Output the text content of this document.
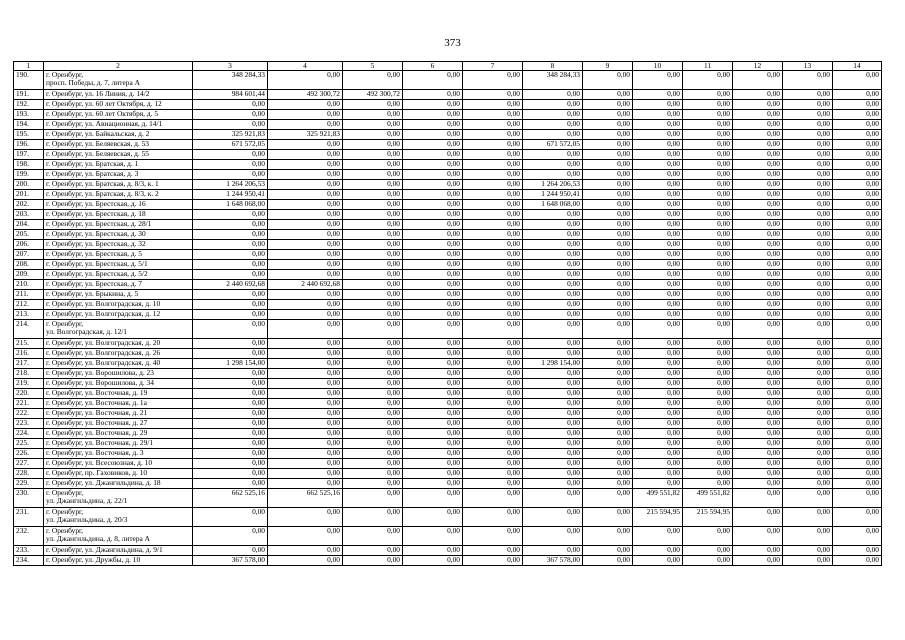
373
1	2	3	4	5	6	7	8	9	10	11	12	13	14
190.	г. Оренбург,
просп. Победы, д. 7, литера А	348 284,33	0,00	0,00	0,00	0,00	348 284,33	0,00	0,00	0,00	0,00	0,00	0,00
191.	г. Оренбург, ул. 16 Линия, д. 14/2	984 601,44	492 300,72	492 300,72	0,00	0,00	0,00	0,00	0,00	0,00	0,00	0,00	0,00
192.	г. Оренбург, ул. 60 лет Октября, д. 12	0,00	0,00	0,00	0,00	0,00	0,00	0,00	0,00	0,00	0,00	0,00	0,00
193.	г. Оренбург, ул. 60 лет Октября, д. 5	0,00	0,00	0,00	0,00	0,00	0,00	0,00	0,00	0,00	0,00	0,00	0,00
194.	г. Оренбург, ул. Авиационная, д. 14/1	0,00	0,00	0,00	0,00	0,00	0,00	0,00	0,00	0,00	0,00	0,00	0,00
195.	г. Оренбург, ул. Байкальская, д. 2	325 921,83	325 921,83	0,00	0,00	0,00	0,00	0,00	0,00	0,00	0,00	0,00	0,00
196.	г. Оренбург, ул. Беляевская, д. 53	671 572,05	0,00	0,00	0,00	0,00	671 572,05	0,00	0,00	0,00	0,00	0,00	0,00
197.	г. Оренбург, ул. Беляевская, д. 55	0,00	0,00	0,00	0,00	0,00	0,00	0,00	0,00	0,00	0,00	0,00	0,00
198.	г. Оренбург, ул. Братская, д. 1	0,00	0,00	0,00	0,00	0,00	0,00	0,00	0,00	0,00	0,00	0,00	0,00
199.	г. Оренбург, ул. Братская, д. 3	0,00	0,00	0,00	0,00	0,00	0,00	0,00	0,00	0,00	0,00	0,00	0,00
200.	г. Оренбург, ул. Братская, д. 8/3, к. 1	1 264 206,53	0,00	0,00	0,00	0,00	1 264 206,53	0,00	0,00	0,00	0,00	0,00	0,00
201.	г. Оренбург, ул. Братская, д. 8/3, к. 2	1 244 950,41	0,00	0,00	0,00	0,00	1 244 950,41	0,00	0,00	0,00	0,00	0,00	0,00
202.	г. Оренбург, ул. Брестская, д. 16	1 648 068,00	0,00	0,00	0,00	0,00	1 648 068,00	0,00	0,00	0,00	0,00	0,00	0,00
203.	г. Оренбург, ул. Брестская, д. 18	0,00	0,00	0,00	0,00	0,00	0,00	0,00	0,00	0,00	0,00	0,00	0,00
204.	г. Оренбург, ул. Брестская, д. 28/1	0,00	0,00	0,00	0,00	0,00	0,00	0,00	0,00	0,00	0,00	0,00	0,00
205.	г. Оренбург, ул. Брестская, д. 30	0,00	0,00	0,00	0,00	0,00	0,00	0,00	0,00	0,00	0,00	0,00	0,00
206.	г. Оренбург, ул. Брестская, д. 32	0,00	0,00	0,00	0,00	0,00	0,00	0,00	0,00	0,00	0,00	0,00	0,00
207.	г. Оренбург, ул. Брестская, д. 5	0,00	0,00	0,00	0,00	0,00	0,00	0,00	0,00	0,00	0,00	0,00	0,00
208.	г. Оренбург, ул. Брестская, д. 5/1	0,00	0,00	0,00	0,00	0,00	0,00	0,00	0,00	0,00	0,00	0,00	0,00
209.	г. Оренбург, ул. Брестская, д. 5/2	0,00	0,00	0,00	0,00	0,00	0,00	0,00	0,00	0,00	0,00	0,00	0,00
210.	г. Оренбург, ул. Брестская, д. 7	2 440 692,68	2 440 692,68	0,00	0,00	0,00	0,00	0,00	0,00	0,00	0,00	0,00	0,00
211.	г. Оренбург, ул. Брыкина, д. 5	0,00	0,00	0,00	0,00	0,00	0,00	0,00	0,00	0,00	0,00	0,00	0,00
212.	г. Оренбург, ул. Волгоградская, д. 10	0,00	0,00	0,00	0,00	0,00	0,00	0,00	0,00	0,00	0,00	0,00	0,00
213.	г. Оренбург, ул. Волгоградская, д. 12	0,00	0,00	0,00	0,00	0,00	0,00	0,00	0,00	0,00	0,00	0,00	0,00
214.	г. Оренбург,
ул. Волгоградская, д. 12/1	0,00	0,00	0,00	0,00	0,00	0,00	0,00	0,00	0,00	0,00	0,00	0,00
215.	г. Оренбург, ул. Волгоградская, д. 20	0,00	0,00	0,00	0,00	0,00	0,00	0,00	0,00	0,00	0,00	0,00	0,00
216.	г. Оренбург, ул. Волгоградская, д. 26	0,00	0,00	0,00	0,00	0,00	0,00	0,00	0,00	0,00	0,00	0,00	0,00
217.	г. Оренбург, ул. Волгоградская, д. 40	1 298 154,00	0,00	0,00	0,00	0,00	1 298 154,00	0,00	0,00	0,00	0,00	0,00	0,00
218.	г. Оренбург, ул. Ворошилова, д. 23	0,00	0,00	0,00	0,00	0,00	0,00	0,00	0,00	0,00	0,00	0,00	0,00
219.	г. Оренбург, ул. Ворошилова, д. 34	0,00	0,00	0,00	0,00	0,00	0,00	0,00	0,00	0,00	0,00	0,00	0,00
220.	г. Оренбург, ул. Восточная, д. 19	0,00	0,00	0,00	0,00	0,00	0,00	0,00	0,00	0,00	0,00	0,00	0,00
221.	г. Оренбург, ул. Восточная, д. 1а	0,00	0,00	0,00	0,00	0,00	0,00	0,00	0,00	0,00	0,00	0,00	0,00
222.	г. Оренбург, ул. Восточная, д. 21	0,00	0,00	0,00	0,00	0,00	0,00	0,00	0,00	0,00	0,00	0,00	0,00
223.	г. Оренбург, ул. Восточная, д. 27	0,00	0,00	0,00	0,00	0,00	0,00	0,00	0,00	0,00	0,00	0,00	0,00
224.	г. Оренбург, ул. Восточная, д. 29	0,00	0,00	0,00	0,00	0,00	0,00	0,00	0,00	0,00	0,00	0,00	0,00
225.	г. Оренбург, ул. Восточная, д. 29/1	0,00	0,00	0,00	0,00	0,00	0,00	0,00	0,00	0,00	0,00	0,00	0,00
226.	г. Оренбург, ул. Восточная, д. 3	0,00	0,00	0,00	0,00	0,00	0,00	0,00	0,00	0,00	0,00	0,00	0,00
227.	г. Оренбург, ул. Всесоюзная, д. 10	0,00	0,00	0,00	0,00	0,00	0,00	0,00	0,00	0,00	0,00	0,00	0,00
228.	г. Оренбург, пр. Гаховиков, д. 10	0,00	0,00	0,00	0,00	0,00	0,00	0,00	0,00	0,00	0,00	0,00	0,00
229.	г. Оренбург, ул. Джангильдина, д. 18	0,00	0,00	0,00	0,00	0,00	0,00	0,00	0,00	0,00	0,00	0,00	0,00
230.	г. Оренбург,
ул. Джангильдина, д. 22/1	662 525,16	662 525,16	0,00	0,00	0,00	0,00	0,00	499 551,82	499 551,82	0,00	0,00	0,00
231.	г. Оренбург,
ул. Джангильдина, д. 20/3	0,00	0,00	0,00	0,00	0,00	0,00	0,00	215 594,95	215 594,95	0,00	0,00	0,00
232.	г. Оренбург,
ул. Джангильдина, д. 8, литера А	0,00	0,00	0,00	0,00	0,00	0,00	0,00	0,00	0,00	0,00	0,00	0,00
233.	г. Оренбург, ул. Джангильдина, д. 9/1	0,00	0,00	0,00	0,00	0,00	0,00	0,00	0,00	0,00	0,00	0,00	0,00
234.	г. Оренбург, ул. Дружбы, д. 10	367 578,00	0,00	0,00	0,00	0,00	367 578,00	0,00	0,00	0,00	0,00	0,00	0,00
